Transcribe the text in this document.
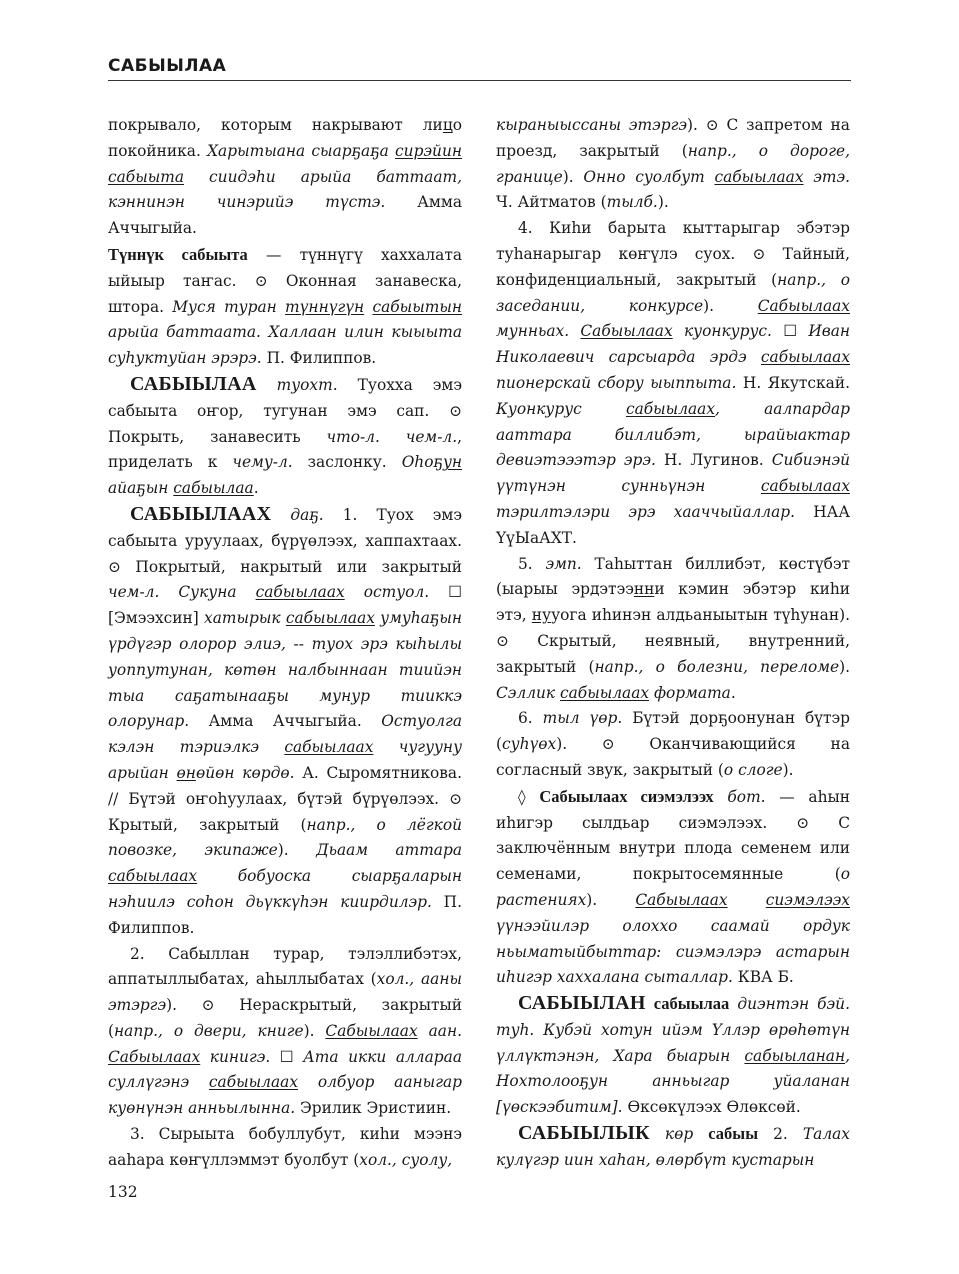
САБЫЫЛАА

покрывало, которым накрывают лицо покойника. Харытыана сыарҕаҕа сирэйин сабыыта сиидэһи арыйа баттаат, кэннинэн чинэрийэ түстэ. Амма Аччыгыйа.

Түннүк сабыыта — түннүгү хаххалата ыйыыр таҥас. ⊙ Оконная занавеска, штора. Муся туран түннүгүн сабыытын арыйа баттаата. Халлаан илин кыыыта суһуктуйан эрэрэ. П. Филиппов.

САБЫЫЛАА туохт. Туохха эмэ сабыыта оҥор, тугунан эмэ сап. ⊙ Покрыть, занавесить что-л. чем-л., приделать к чему-л. заслонку. Оһоҕун айаҕын сабыылаа.

САБЫЫЛААХ даҕ. 1. Туох эмэ сабыыта уруулаах, бүрүөлээх, хаппахтаах. ⊙ Покрытый, накрытый или закрытый чем-л. Сукуна сабыылаах остуол. ☐ [Эмээхсин] хатырык сабыылаах умуһаҕын үрдүгэр олорор элиэ, -- туох эрэ кыһылы уоппутунан, көтөн налбыннаан тиийэн тыа саҕатынааҕы мунур тииккэ олорунар. Амма Аччыгыйа. Остуолга кэлэн тэриэлкэ сабыылаах чугууну арыйан өнөйөн көрдө. А. Сыромятникова. // Бүтэй оҥоһуулаах, бүтэй бүрүөлээх. ⊙ Крытый, закрытый (напр., о лёгкой повозке, экипаже). Дьаам аттара сабыылаах бобуоска сыарҕаларын нэһиилэ соһон дьүккүһэн киирдилэр. П. Филиппов.

2. Сабыллан турар, тэлэллибэтэх, аппатыллыбатах, аһыллыбатах (хол., ааны этэргэ). ⊙ Нераскрытый, закрытый (напр., о двери, книге). Сабыылаах аан. Сабыылаах кинигэ. ☐ Ата икки аллараа суллүгэнэ сабыылаах олбуор ааныгар куөнүнэн анньылынна. Эрилик Эристиин.

3. Сырыыта бобуллубут, киһи мээнэ ааһара көҥүллэммэт буолбут (хол., суолу,

кыраныыссаны этэргэ). ⊙ С запретом на проезд, закрытый (напр., о дороге, границе). Онно суолбут сабыылаах этэ. Ч. Айтматов (тылб.).

4. Киһи барыта кыттарыгар эбэтэр туһанарыгар көҥүлэ суох. ⊙ Тайный, конфиденциальный, закрытый (напр., о заседании, конкурсе). Сабыылаах мунньах. Сабыылаах куонкурус. ☐ Иван Николаевич сарсыарда эрдэ сабыылаах пионерскай сбору ыыппыта. Н. Якутскай. Куонкурус сабыылаах, аалпардар ааттара биллибэт, ырайыактар девиэтэээтэр эрэ. Н. Лугинов. Сибиэнэй үүтүнэн сунньүнэн сабыылаах тэрилтэлэри эрэ хааччыйаллар. НАА ҮүЫаАХТ.

5. эмп. Таһыттан биллибэт, көстүбэт (ыарыы эрдэтээнни кэмин эбэтэр киһи этэ, нууога иһинэн алдьаныытын түһунан). ⊙ Скрытый, неявный, внутренний, закрытый (напр., о болезни, переломе). Сэллик сабыылаах формата.

6. тыл үөр. Бүтэй дорҕоонунан бүтэр (суһүөх). ⊙ Оканчивающийся на согласный звук, закрытый (о слоге).

◊ Сабыылаах сиэмэлээх бот. — аһын иһигэр сылдьар сиэмэлээх. ⊙ С заключённым внутри плода семенем или семенами, покрытосемянные (о растениях). Сабыылаах сиэмэлээх үүнээйилэр олоххо саамай ордук ньыматыйбыттар: сиэмэлэрэ астарын иһигэр хаххалана сыталлар. КВА Б.

САБЫЫЛАН сабыылаа диэнтэн бэй. туһ. Кубэй хотун ийэм Үллэр өрөһөтүн үллүктэнэн, Хара быарын сабыыланан, Нохтолооҕун анньыгар уйаланан [үөскээбитим]. Өксөкүлээх Өлөксөй.

САБЫЫЛЫК көр сабыы 2. Талах кулүгэр иин хаһан, өлөрбүт кустарын

132
